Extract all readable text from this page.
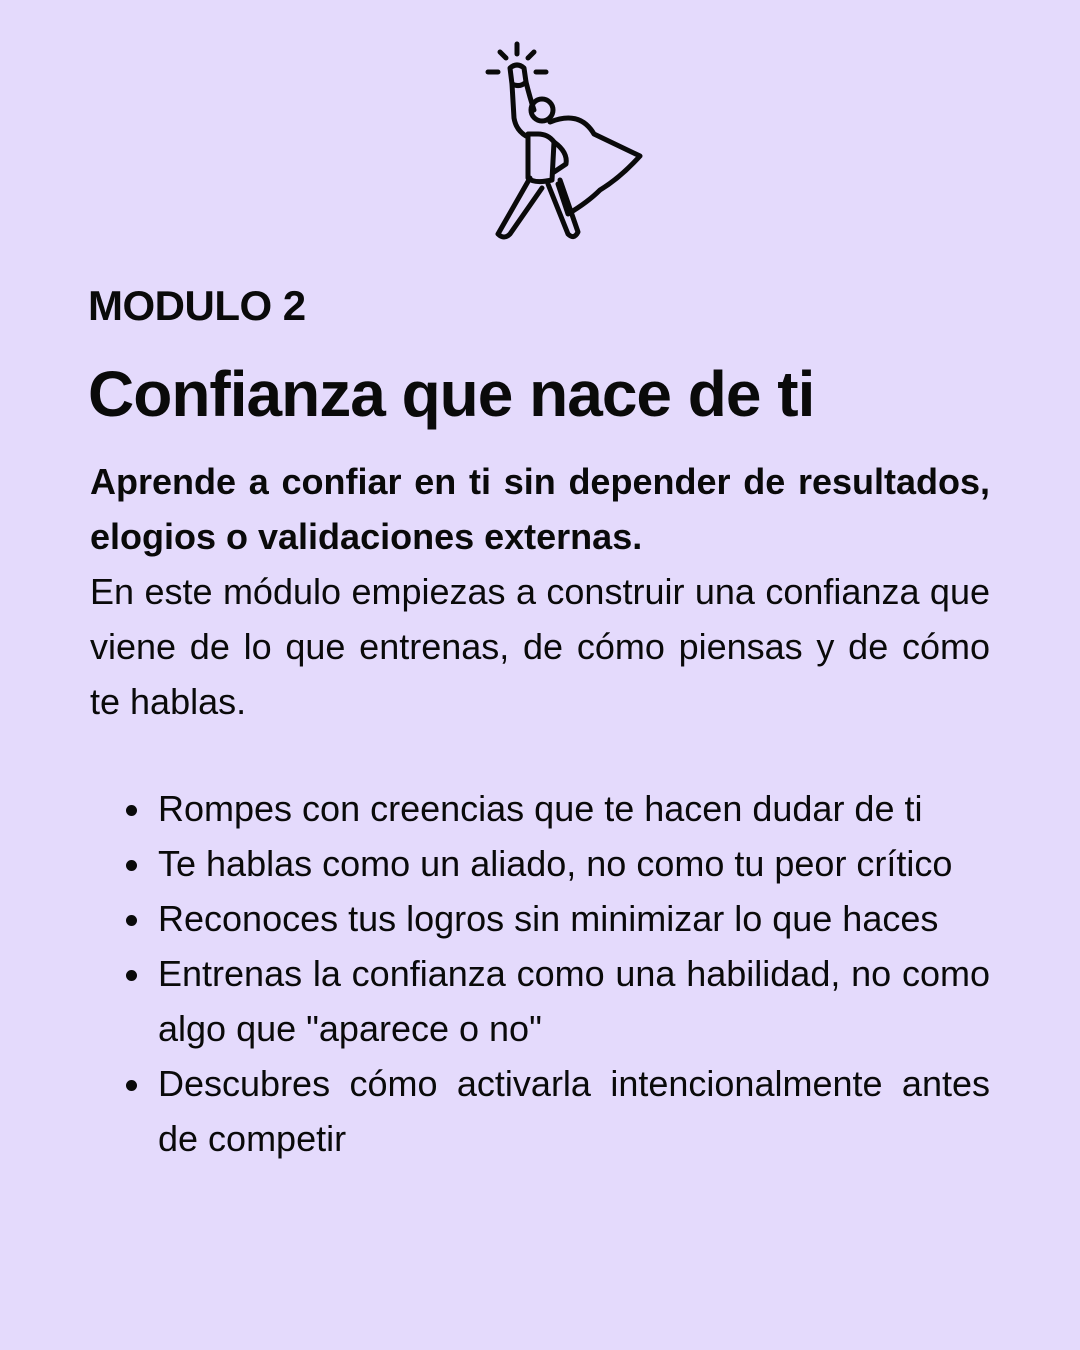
MODULO 2
Confianza que nace de ti

Aprende a confiar en ti sin depender de resultados, elogios o validaciones externas.

En este módulo empiezas a construir una confianza que viene de lo que entrenas, de cómo piensas y de cómo te hablas.

Rompes con creencias que te hacen dudar de ti
Te hablas como un aliado, no como tu peor crítico
Reconoces tus logros sin minimizar lo que haces
Entrenas la confianza como una habilidad, no como algo que "aparece o no"
Descubres cómo activarla intencionalmente antes de competir
